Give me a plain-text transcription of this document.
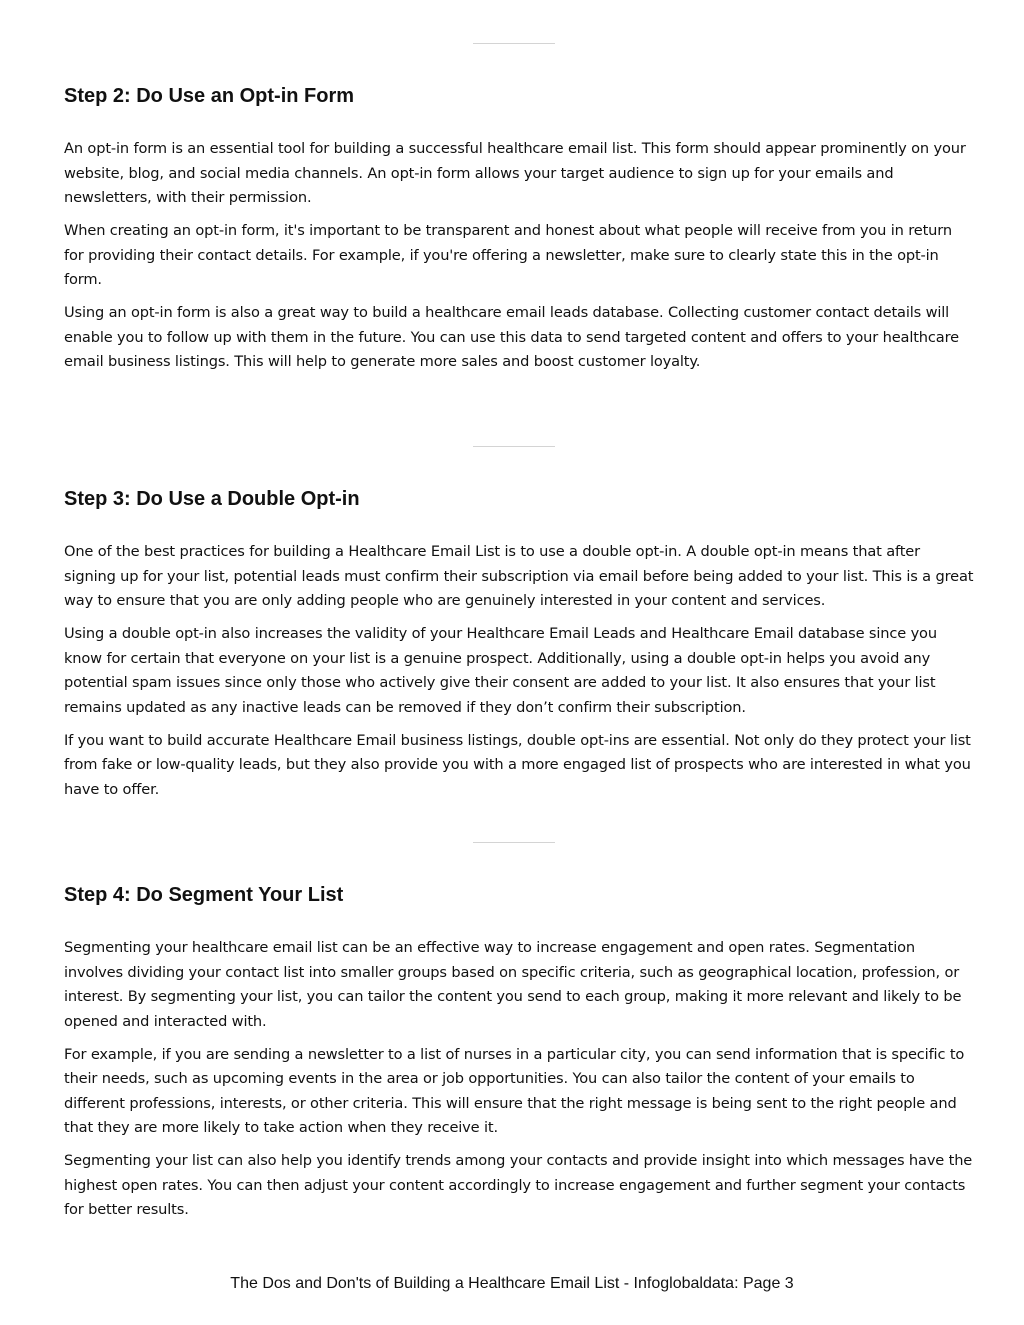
Step 2: Do Use an Opt-in Form

An opt-in form is an essential tool for building a successful healthcare email list. This form should appear prominently on your website, blog, and social media channels. An opt-in form allows your target audience to sign up for your emails and newsletters, with their permission.

When creating an opt-in form, it's important to be transparent and honest about what people will receive from you in return for providing their contact details. For example, if you're offering a newsletter, make sure to clearly state this in the opt-in form.

Using an opt-in form is also a great way to build a healthcare email leads database. Collecting customer contact details will enable you to follow up with them in the future. You can use this data to send targeted content and offers to your healthcare email business listings. This will help to generate more sales and boost customer loyalty.

Step 3: Do Use a Double Opt-in

One of the best practices for building a Healthcare Email List is to use a double opt-in. A double opt-in means that after signing up for your list, potential leads must confirm their subscription via email before being added to your list. This is a great way to ensure that you are only adding people who are genuinely interested in your content and services.

Using a double opt-in also increases the validity of your Healthcare Email Leads and Healthcare Email database since you know for certain that everyone on your list is a genuine prospect. Additionally, using a double opt-in helps you avoid any potential spam issues since only those who actively give their consent are added to your list. It also ensures that your list remains updated as any inactive leads can be removed if they don’t confirm their subscription.

If you want to build accurate Healthcare Email business listings, double opt-ins are essential. Not only do they protect your list from fake or low-quality leads, but they also provide you with a more engaged list of prospects who are interested in what you have to offer.

Step 4: Do Segment Your List

Segmenting your healthcare email list can be an effective way to increase engagement and open rates. Segmentation involves dividing your contact list into smaller groups based on specific criteria, such as geographical location, profession, or interest. By segmenting your list, you can tailor the content you send to each group, making it more relevant and likely to be opened and interacted with.

For example, if you are sending a newsletter to a list of nurses in a particular city, you can send information that is specific to their needs, such as upcoming events in the area or job opportunities. You can also tailor the content of your emails to different professions, interests, or other criteria. This will ensure that the right message is being sent to the right people and that they are more likely to take action when they receive it.

Segmenting your list can also help you identify trends among your contacts and provide insight into which messages have the highest open rates. You can then adjust your content accordingly to increase engagement and further segment your contacts for better results.

The Dos and Don'ts of Building a Healthcare Email List - Infoglobaldata: Page 3
